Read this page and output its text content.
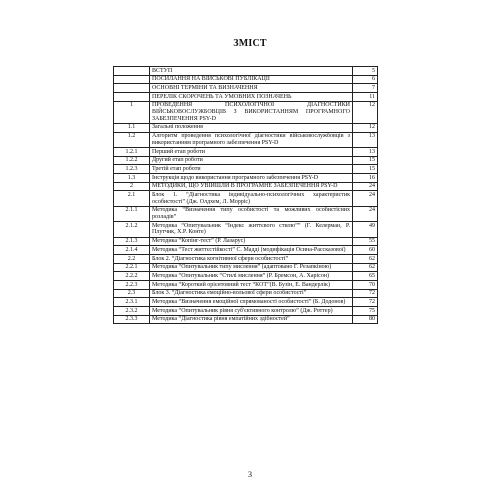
ЗМІСТ
	ВСТУП	5
	ПОСИЛАННЯ НА ВІЙСЬКОВІ ПУБЛІКАЦІЇ	6
	ОСНОВНІ ТЕРМІНИ ТА ВИЗНАЧЕННЯ	7
	ПЕРЕЛІК СКОРОЧЕНЬ ТА УМОВНИХ ПОЗНАЧЕНЬ	11
1	ПРОВЕДЕННЯ ПСИХОЛОГІЧНОЇ ДІАГНОСТИКИ ВІЙСЬКОВОСЛУЖБОВЦІВ З ВИКОРИСТАННЯМ ПРОГРАМНОГО ЗАБЕЗПЕЧЕННЯ PSY-D	12
1.1	Загальні положення	12
1.2	Алгоритм проведення психологічної діагностики військовослужбовців з використанням програмного забезпечення PSY-D	13
1.2.1	Перший етап роботи	13
1.2.2	Другий етап роботи	15
1.2.3	Третій етап роботи	15
1.3	Інструкція щодо використання програмного забезпечення PSY-D	16
2	МЕТОДИКИ, ЩО УВІЙШЛИ В ПРОГРАМНЕ ЗАБЕЗПЕЧЕННЯ PSY-D	24
2.1	Блок 1. “Діагностика індивідуально-психологічних характеристик особистості” (Дж. Олдхем, Л. Морріс)	24
2.1.1	Методика “Визначення типу особистості та можливих особистісних розладів”	24
2.1.2	Методика “Опитувальник “Індекс життєвого стилю”” (Г. Келерман, Р. Плутчик, Х.Р. Конте)	49
2.1.3	Методика “Копінг-тест” (Р. Лазарус)	55
2.1.4	Методика “Тест життєстійкості” С. Мадді (модифікація Осина-Рассказової)	60
2.2	Блок 2. “Діагностика когнітивної сфери особистості”	62
2.2.1	Методика “Опитувальник типу мислення” (адаптовано Г. Резапкіною)	62
2.2.2	Методика “Опитувальник “Стилі мислення” (Р. Бремсон, А. Харісон)	65
2.2.3	Методика “Короткий орієнтовний тест “КОТ”(В. Бузін, Е. Вандерлік)	70
2.3	Блок 3. “Діагностика емоційно-вольової сфери особистості”	72
2.3.1	Методика “Визначення емоційної спрямованості особистості” (Б. Додонов)	72
2.3.2	Методика “Опитувальник рівня суб'єктивного контролю” (Дж. Роттер)	75
2.3.3	Методика “Діагностика рівня емпатійних здібностей”	80
3
